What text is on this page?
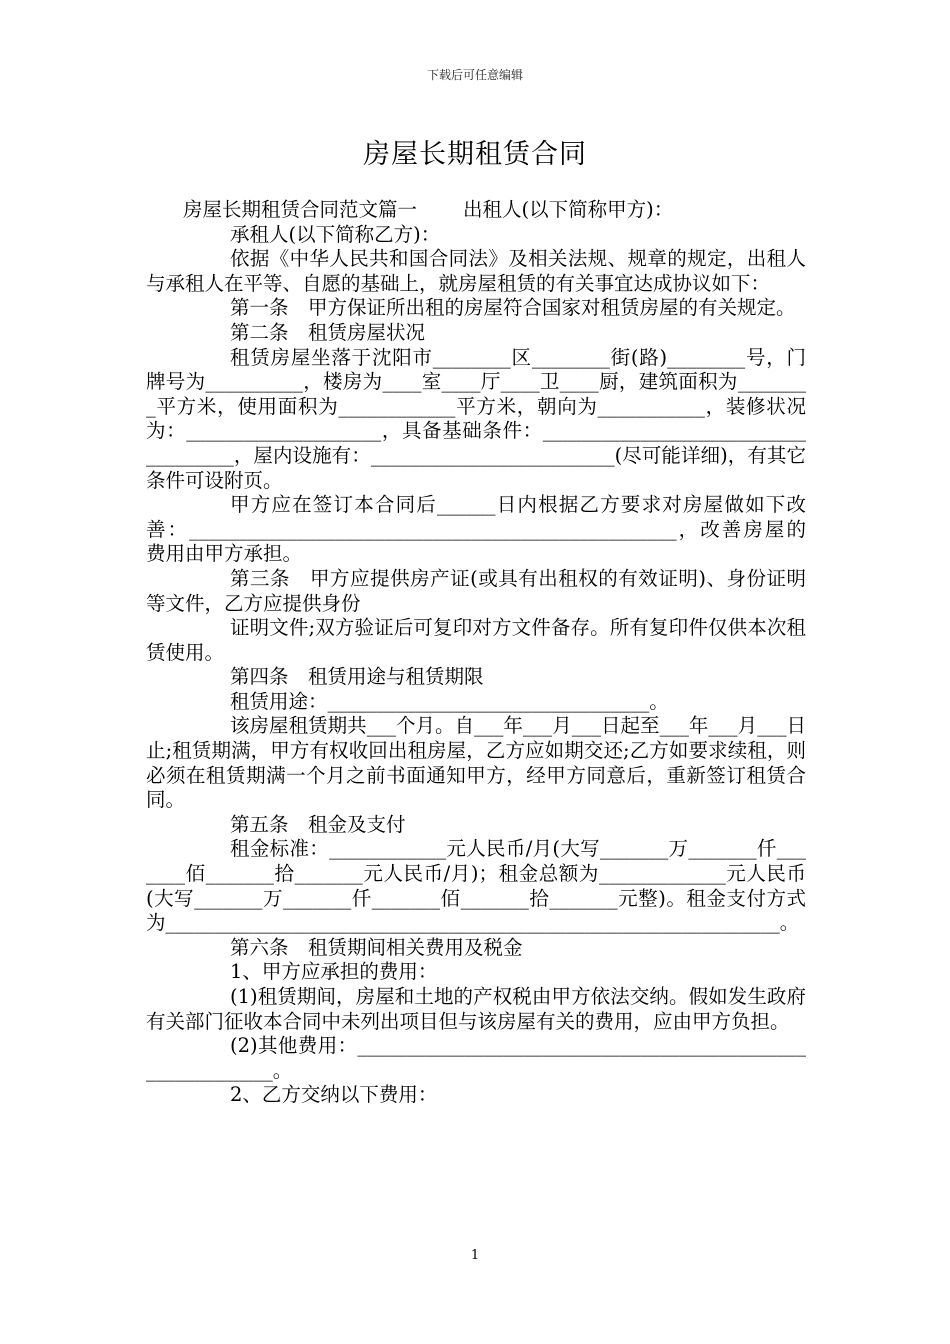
下载后可任意编辑
房屋长期租赁合同

房屋长期租赁合同范文篇一 出租人(以下简称甲方)：

承租人(以下简称乙方)：

依据《中华人民共和国合同法》及相关法规、规章的规定，出租人与承租人在平等、自愿的基础上，就房屋租赁的有关事宜达成协议如下：

第一条　甲方保证所出租的房屋符合国家对租赁房屋的有关规定。

第二条　租赁房屋状况

租赁房屋坐落于沈阳市________区________街(路)________号，门牌号为__________，楼房为____室____厅____卫____厨，建筑面积为________平方米，使用面积为____________平方米，朝向为___________，装修状况为：____________________，具备基础条件：____________________________________，屋内设施有：_________________________(尽可能详细)，有其它条件可设附页。

甲方应在签订本合同后______日内根据乙方要求对房屋做如下改善：__________________________________________________，改善房屋的费用由甲方承担。

第三条　甲方应提供房产证(或具有出租权的有效证明)、身份证明等文件，乙方应提供身份

证明文件;双方验证后可复印对方文件备存。所有复印件仅供本次租赁使用。

第四条　租赁用途与租赁期限

租赁用途：_________________________________。

该房屋租赁期共___个月。自___年___月___日起至___年___月___日止;租赁期满，甲方有权收回出租房屋，乙方应如期交还;乙方如要求续租，则必须在租赁期满一个月之前书面通知甲方，经甲方同意后，重新签订租赁合同。

第五条　租金及支付

租金标准：____________元人民币/月(大写_______万_______仟_______佰_______拾_______元人民币/月)；租金总额为_____________元人民币(大写_______万_______仟_______佰_______拾_______元整)。租金支付方式为_______________________________________________________________。

第六条　租赁期间相关费用及税金

1、甲方应承担的费用：

(1)租赁期间，房屋和土地的产权税由甲方依法交纳。假如发生政府有关部门征收本合同中未列出项目但与该房屋有关的费用，应由甲方负担。

(2)其他费用：___________________________________________________________。

2、乙方交纳以下费用：

1
